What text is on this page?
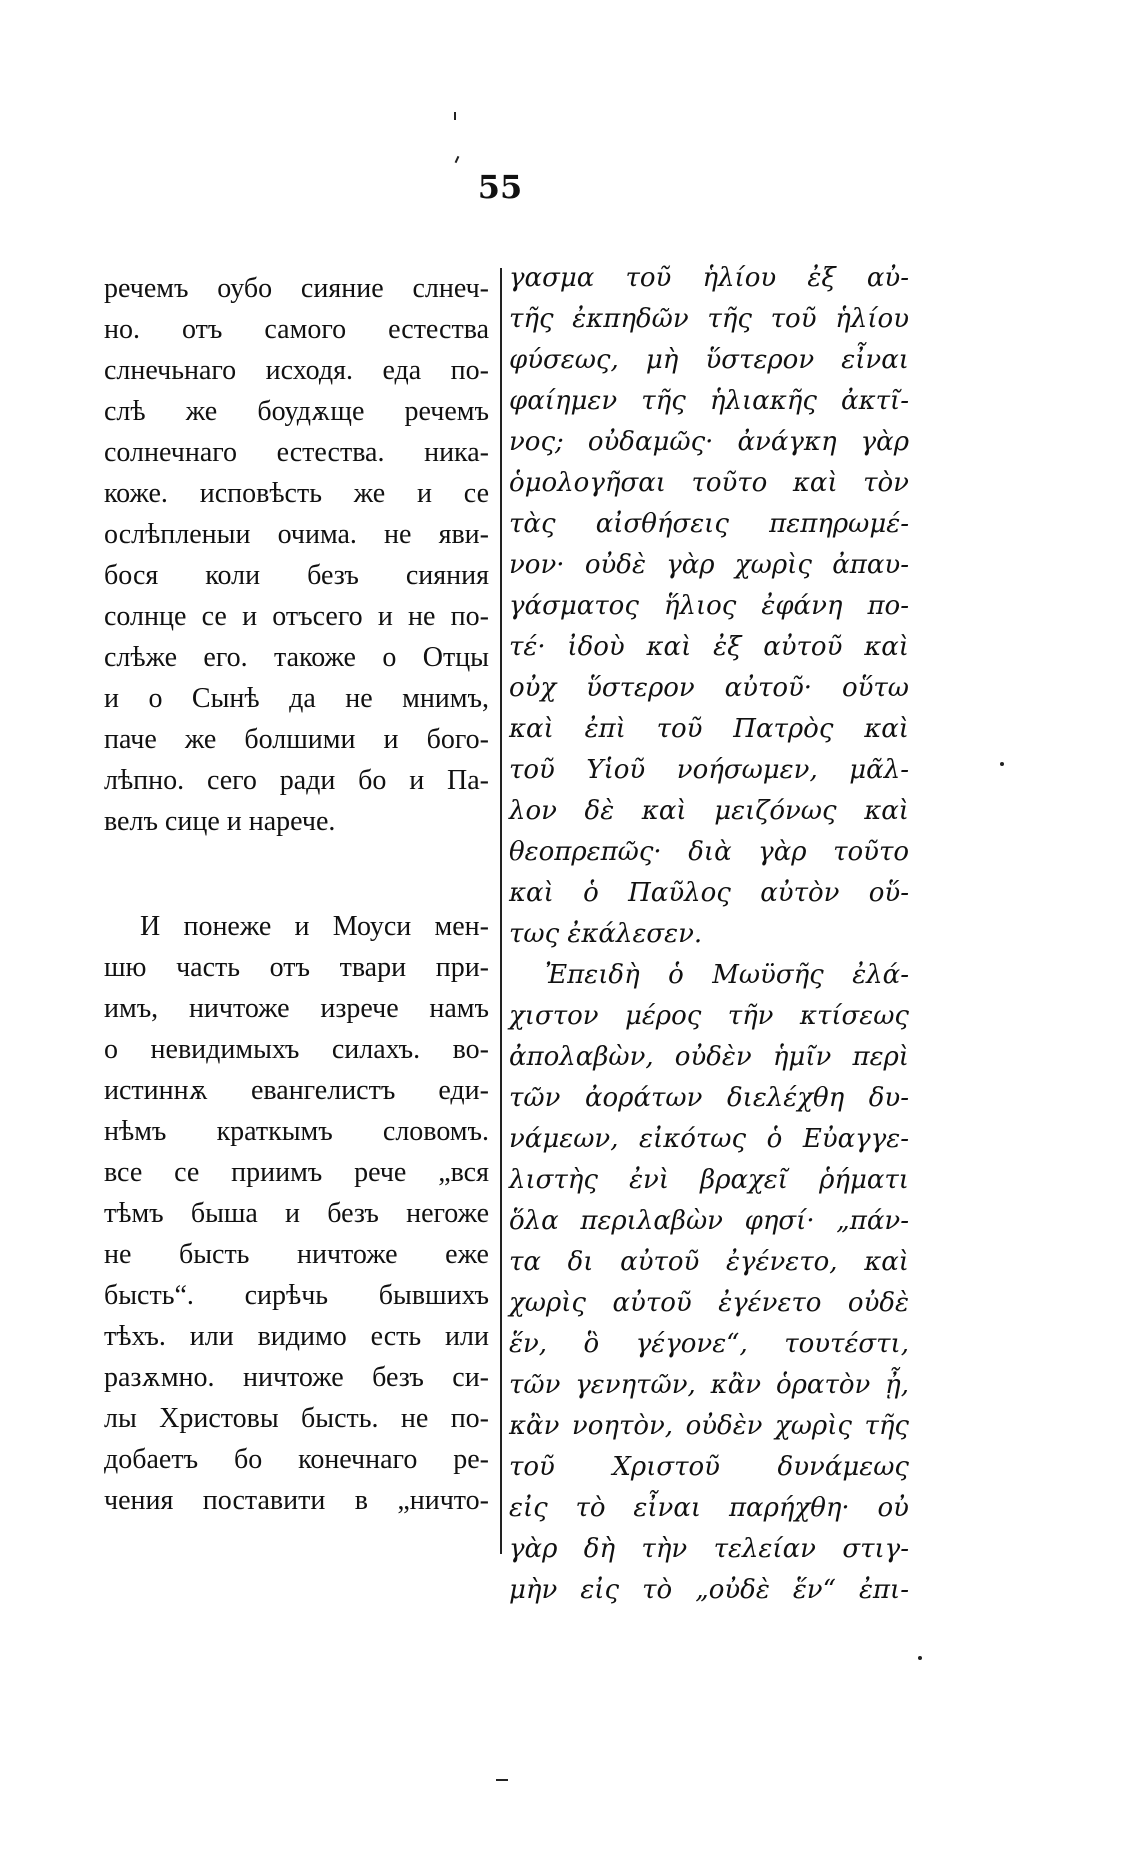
55
речемъ оубо сияние слнеч-
но. отъ самого естества
слнечьнаго исходя. еда по-
слѣ же боудѫще речемъ
солнечнаго естества. ника-
коже. исповѣсть же и се
ослѣпленыи очима. не яви-
бося коли безъ сияния
солнце се и отъсего и не по-
слѣже его. такоже о Отцы
и о Сынѣ да не мнимъ,
паче же болшими и бого-
лѣпно. сего ради бо и Па-
велъ сице и нарече.
И понеже и Моуси мен-
шю часть отъ твари при-
имъ, ничтоже изрече намъ
о невидимыхъ силахъ. во-
истиннѫ евангелистъ еди-
нѣмъ краткымъ словомъ.
все се приимъ рече „вся
тѣмъ быша и безъ негоже
не бысть ничтоже еже
бысть“. сирѣчь бывшихъ
тѣхъ. или видимо есть или
разѫмно. ничтоже безъ си-
лы Христовы бысть. не по-
добаетъ бо конечнаго ре-
чения поставити в „ничто-
γασμα τοῦ ἡλίου ἐξ αὐ-
τῆς ἐκπηδῶν τῆς τοῦ ἡλίου
φύσεως, μὴ ὕστερον εἶναι
φαίημεν τῆς ἡλιακῆς ἀκτῖ-
νος; οὐδαμῶς· ἀνάγκη γὰρ
ὁμολογῆσαι τοῦτο καὶ τὸν
τὰς αἰσθήσεις πεπηρωμέ-
νον· οὐδὲ γὰρ χωρὶς ἀπαυ-
γάσματος ἥλιος ἐφάνη πο-
τέ· ἰδοὺ καὶ ἐξ αὐτοῦ καὶ
οὐχ ὕστερον αὐτοῦ· οὕτω
καὶ ἐπὶ τοῦ Πατρὸς καὶ
τοῦ Υἱοῦ νοήσωμεν, μᾶλ-
λον δὲ καὶ μειζόνως καὶ
θεοπρεπῶς· διὰ γὰρ τοῦτο
καὶ ὁ Παῦλος αὐτὸν οὕ-
τως ἐκάλεσεν.
Ἐπειδὴ ὁ Μωϋσῆς ἐλά-
χιστον μέρος τῆν κτίσεως
ἀπολαβὼν, οὐδὲν ἡμῖν περὶ
τῶν ἀοράτων διελέχθη δυ-
νάμεων, εἰκότως ὁ Εὐαγγε-
λιστὴς ἐνὶ βραχεῖ ῥήματι
ὅλα περιλαβὼν φησί· „πάν-
τα δι αὐτοῦ ἐγένετο, καὶ
χωρὶς αὐτοῦ ἐγένετο οὐδὲ
ἕν, ὃ γέγονε“, τουτέστι,
τῶν γενητῶν, κἂν ὁρατὸν ᾖ,
κἂν νοητὸν, οὐδὲν χωρὶς τῆς
τοῦ Χριστοῦ δυνάμεως
εἰς τὸ εἶναι παρήχθη· οὐ
γὰρ δὴ τὴν τελείαν στιγ-
μὴν εἰς τὸ „οὐδὲ ἕν“ ἐπι-
